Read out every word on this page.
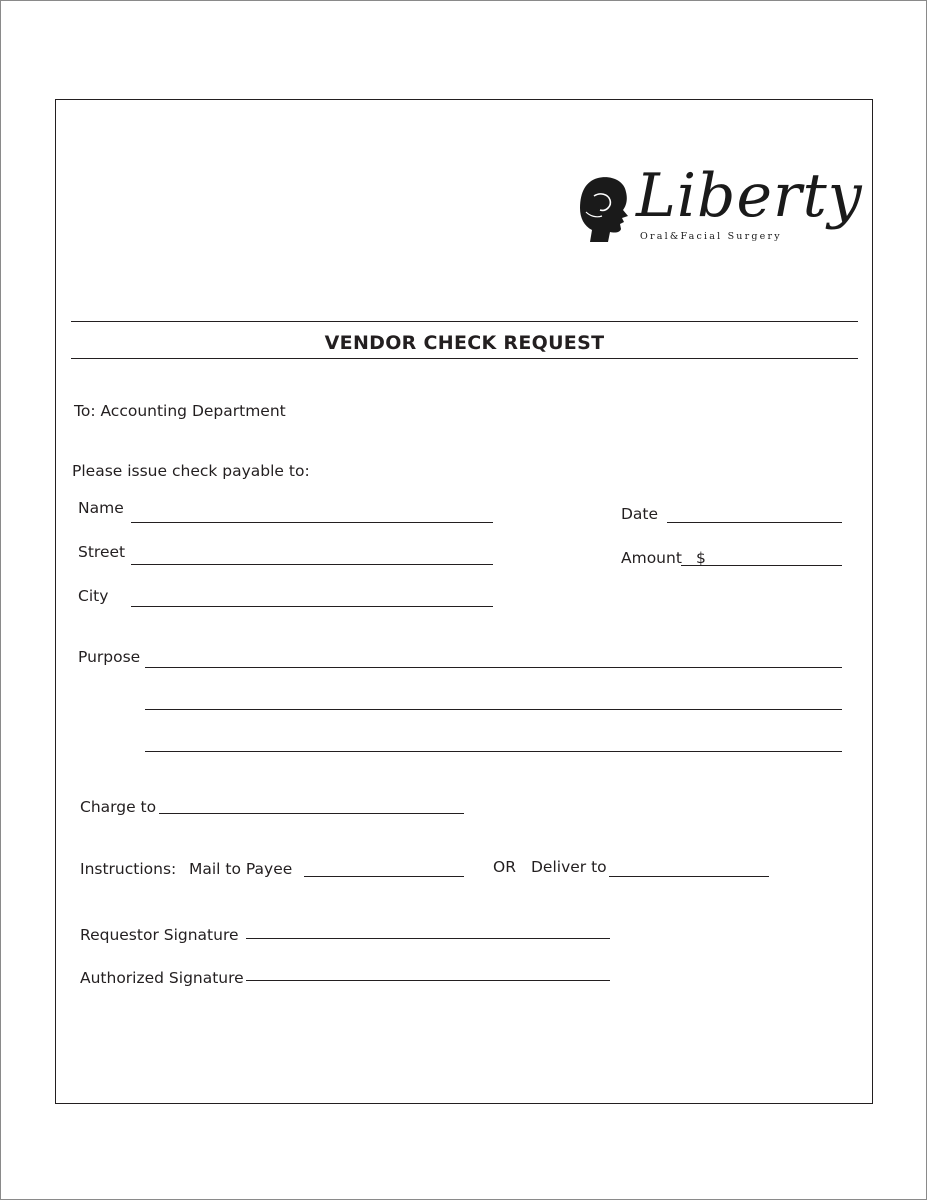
Liberty
Oral&Facial Surgery
VENDOR CHECK REQUEST
To: Accounting Department
Please issue check payable to:
Name
Street
City
Date
Amount $
Purpose
Charge to
Instructions: Mail to Payee	OR Deliver to
Requestor Signature
Authorized Signature
